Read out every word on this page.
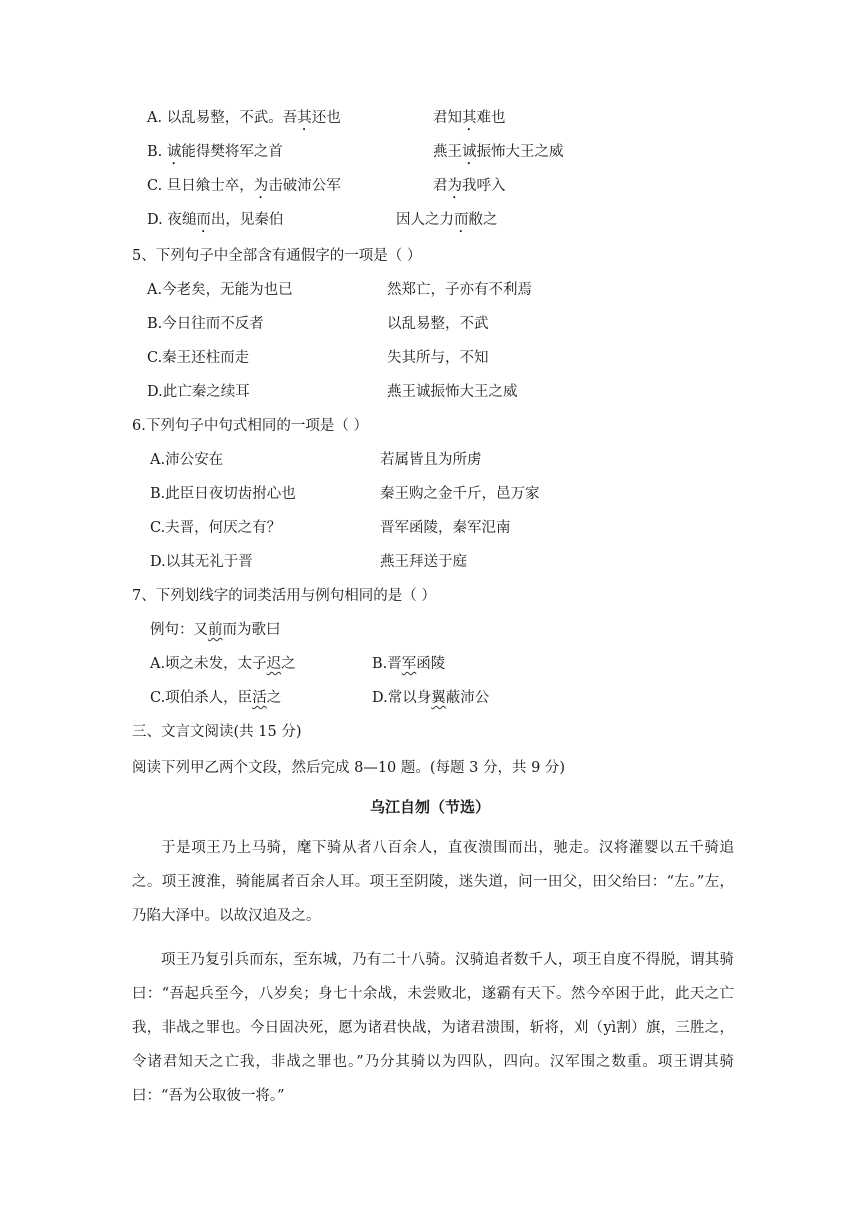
A. 以乱易整，不武。吾其还也	君知其难也
B. 诚能得樊将军之首	燕王诚振怖大王之威
C. 旦日飨士卒，为击破沛公军	君为我呼入
D. 夜缒而出，见秦伯	因人之力而敝之
5、下列句子中全部含有通假字的一项是（ ）
A.今老矣，无能为也已	然郑亡，子亦有不利焉
B.今日往而不反者	以乱易整，不武
C.秦王还柱而走	失其所与，不知
D.此亡秦之续耳	燕王诚振怖大王之威
6.下列句子中句式相同的一项是（ ）
A.沛公安在	若属皆且为所虏
B.此臣日夜切齿拊心也	秦王购之金千斤，邑万家
C.夫晋，何厌之有？	晋军函陵，秦军氾南
D.以其无礼于晋	燕王拜送于庭
7、下列划线字的词类活用与例句相同的是（ ）
例句：又前而为歌曰
A.顷之未发，太子迟之	B.晋军函陵
C.项伯杀人，臣活之	D.常以身翼蔽沛公
三、文言文阅读(共 15 分)
阅读下列甲乙两个文段，然后完成 8—10 题。(每题 3 分，共 9 分)
乌江自刎（节选）
于是项王乃上马骑，麾下骑从者八百余人，直夜溃围而出，驰走。汉将灌婴以五千骑追之。项王渡淮，骑能属者百余人耳。项王至阴陵，迷失道，问一田父，田父绐曰：“左。”左，乃陷大泽中。以故汉追及之。
项王乃复引兵而东，至东城，乃有二十八骑。汉骑追者数千人，项王自度不得脱，谓其骑曰：“吾起兵至今，八岁矣；身七十余战，未尝败北，遂霸有天下。然今卒困于此，此天之亡我，非战之罪也。今日固决死，愿为诸君快战，为诸君溃围，斩将，刈（yì割）旗，三胜之，令诸君知天之亡我，非战之罪也。”乃分其骑以为四队，四向。汉军围之数重。项王谓其骑曰：“吾为公取彼一将。”
